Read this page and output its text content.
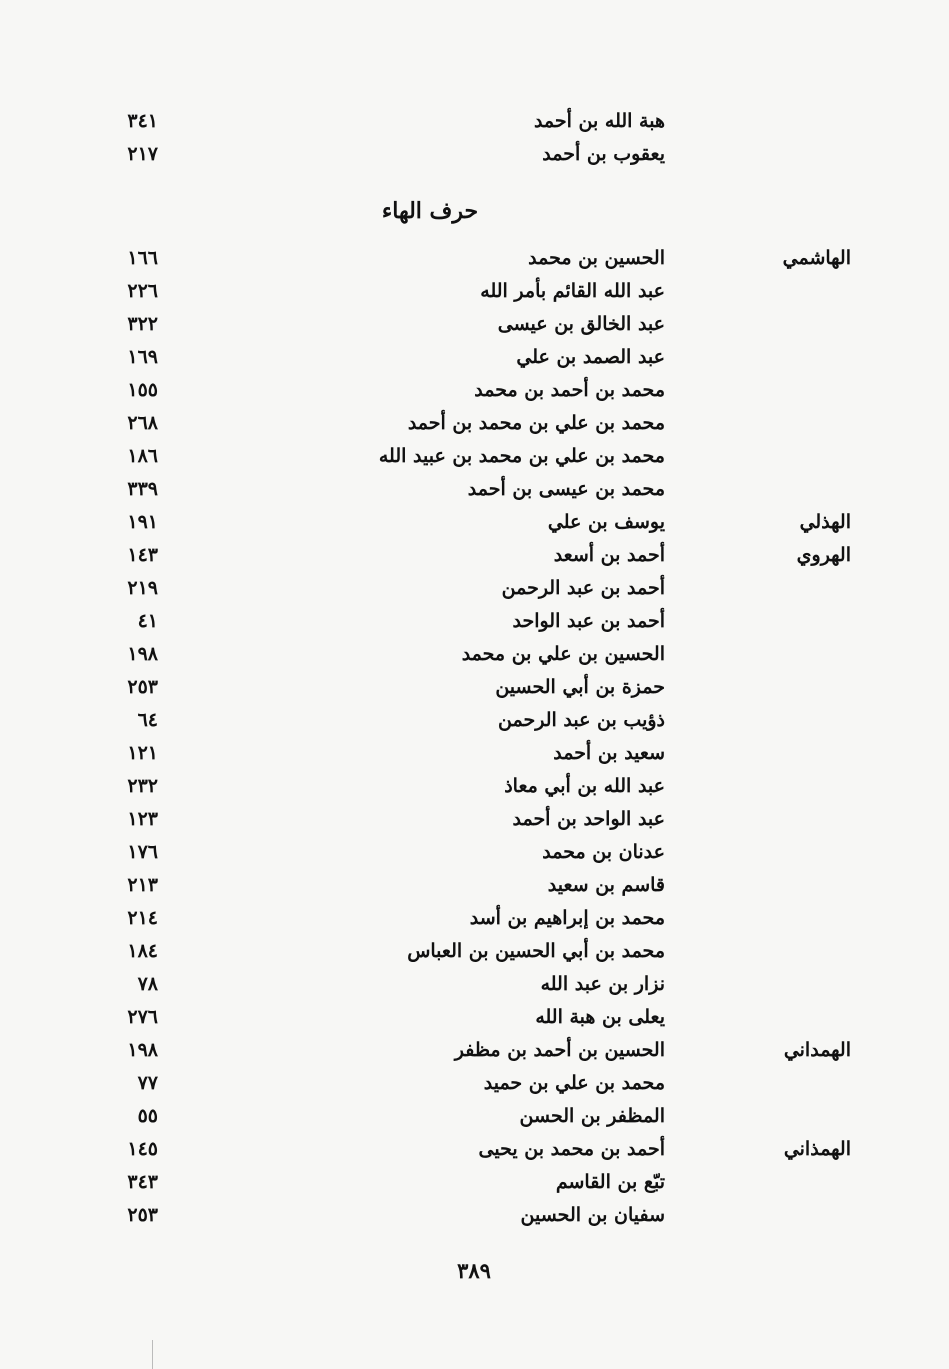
هبة الله بن أحمد
٣٤١
يعقوب بن أحمد
٢١٧
حرف الهاء
الهاشمي
الحسين بن محمد
١٦٦
عبد الله القائم بأمر الله
٢٢٦
عبد الخالق بن عيسى
٣٢٢
عبد الصمد بن علي
١٦٩
محمد بن أحمد بن محمد
١٥٥
محمد بن علي بن محمد بن أحمد
٢٦٨
محمد بن علي بن محمد بن عبيد الله
١٨٦
محمد بن عيسى بن أحمد
٣٣٩
الهذلي
يوسف بن علي
١٩١
الهروي
أحمد بن أسعد
١٤٣
أحمد بن عبد الرحمن
٢١٩
أحمد بن عبد الواحد
٤١
الحسين بن علي بن محمد
١٩٨
حمزة بن أبي الحسين
٢٥٣
ذؤيب بن عبد الرحمن
٦٤
سعيد بن أحمد
١٢١
عبد الله بن أبي معاذ
٢٣٢
عبد الواحد بن أحمد
١٢٣
عدنان بن محمد
١٧٦
قاسم بن سعيد
٢١٣
محمد بن إبراهيم بن أسد
٢١٤
محمد بن أبي الحسين بن العباس
١٨٤
نزار بن عبد الله
٧٨
يعلى بن هبة الله
٢٧٦
الهمداني
الحسين بن أحمد بن مظفر
١٩٨
محمد بن علي بن حميد
٧٧
المظفر بن الحسن
٥٥
الهمذاني
أحمد بن محمد بن يحيى
١٤٥
تبّع بن القاسم
٣٤٣
سفيان بن الحسين
٢٥٣
٣٨٩
